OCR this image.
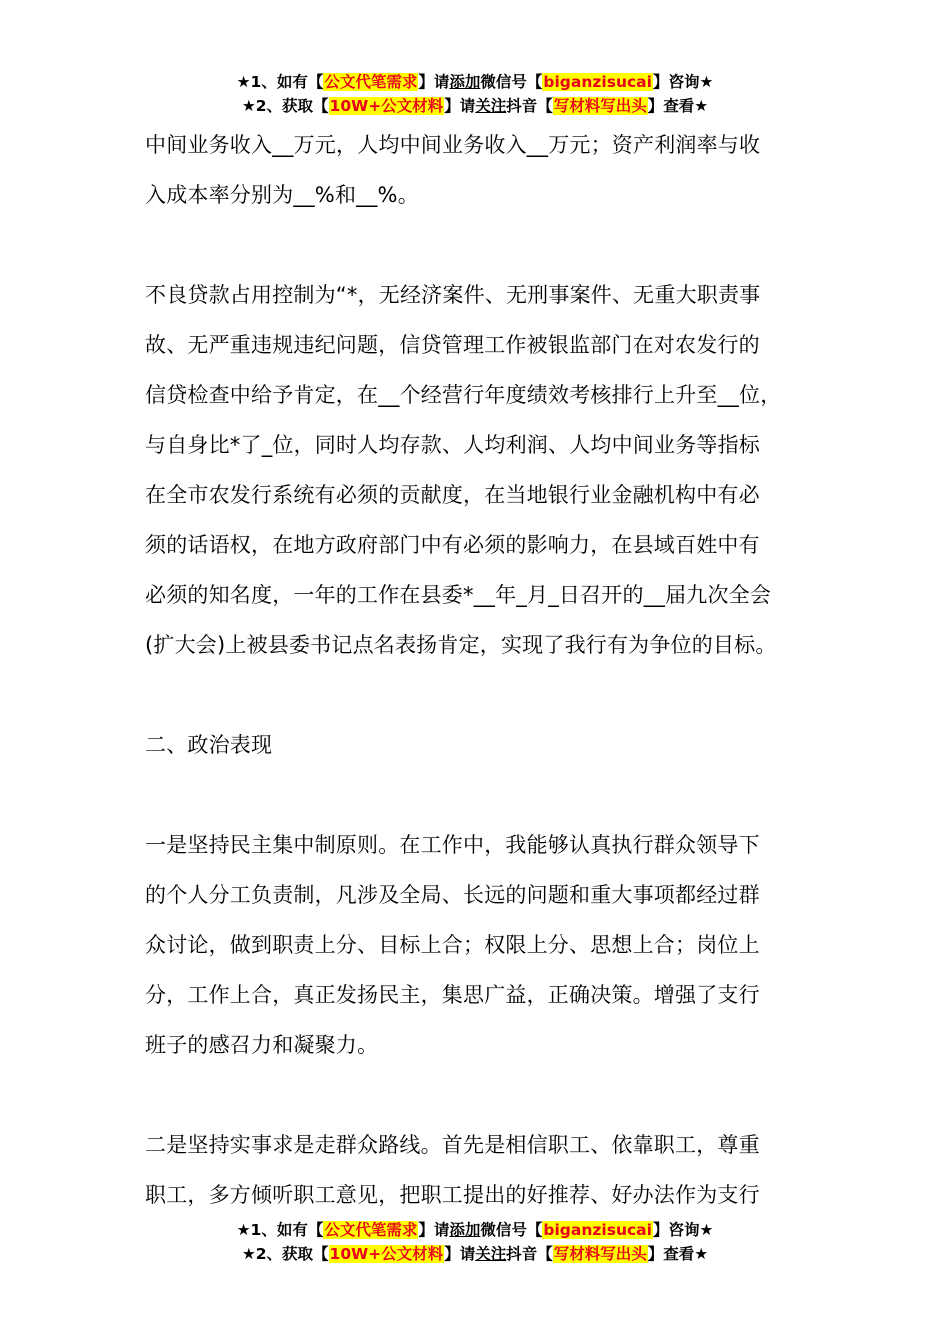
★1、如有【公文代笔需求】请添加微信号【biganzisucai】咨询★
★2、获取【10W+公文材料】请关注抖音【写材料写出头】查看★
中间业务收入__万元，人均中间业务收入__万元；资产利润率与收
入成本率分别为__%和__%。
不良贷款占用控制为“*，无经济案件、无刑事案件、无重大职责事
故、无严重违规违纪问题，信贷管理工作被银监部门在对农发行的
信贷检查中给予肯定，在__个经营行年度绩效考核排行上升至__位，
与自身比*了_位，同时人均存款、人均利润、人均中间业务等指标
在全市农发行系统有必须的贡献度，在当地银行业金融机构中有必
须的话语权，在地方政府部门中有必须的影响力，在县域百姓中有
必须的知名度，一年的工作在县委*__年_月_日召开的__届九次全会
(扩大会)上被县委书记点名表扬肯定，实现了我行有为争位的目标。
二、政治表现
一是坚持民主集中制原则。在工作中，我能够认真执行群众领导下
的个人分工负责制，凡涉及全局、长远的问题和重大事项都经过群
众讨论，做到职责上分、目标上合；权限上分、思想上合；岗位上
分，工作上合，真正发扬民主，集思广益，正确决策。增强了支行
班子的感召力和凝聚力。
二是坚持实事求是走群众路线。首先是相信职工、依靠职工，尊重
职工，多方倾听职工意见，把职工提出的好推荐、好办法作为支行
★1、如有【公文代笔需求】请添加微信号【biganzisucai】咨询★
★2、获取【10W+公文材料】请关注抖音【写材料写出头】查看★
